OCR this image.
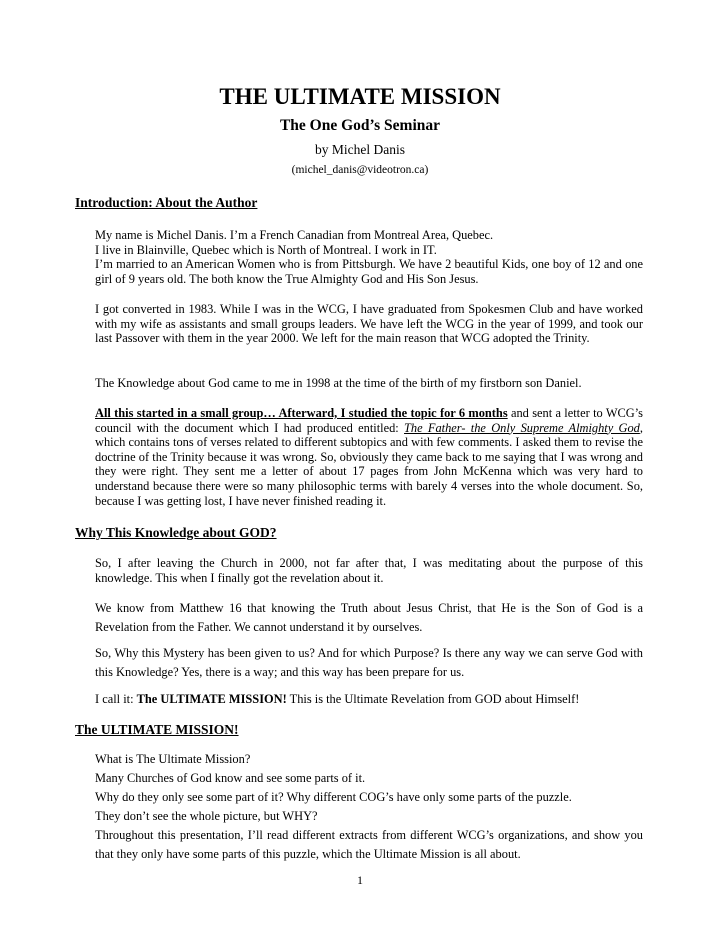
THE ULTIMATE MISSION
The One God’s Seminar
by Michel Danis
(michel_danis@videotron.ca)
Introduction: About the Author

My name is Michel Danis. I’m a French Canadian from Montreal Area, Quebec.
I live in Blainville, Quebec which is North of Montreal. I work in IT.
I’m married to an American Women who is from Pittsburgh. We have 2 beautiful Kids, one boy of 12 and one girl of 9 years old. The both know the True Almighty God and His Son Jesus.

I got converted in 1983. While I was in the WCG, I have graduated from Spokesmen Club and have worked with my wife as assistants and small groups leaders. We have left the WCG in the year of 1999, and took our last Passover with them in the year 2000. We left for the main reason that WCG adopted the Trinity.

The Knowledge about God came to me in 1998 at the time of the birth of my firstborn son Daniel.

All this started in a small group… Afterward, I studied the topic for 6 months and sent a letter to WCG’s council with the document which I had produced entitled: The Father- the Only Supreme Almighty God, which contains tons of verses related to different subtopics and with few comments. I asked them to revise the doctrine of the Trinity because it was wrong. So, obviously they came back to me saying that I was wrong and they were right. They sent me a letter of about 17 pages from John McKenna which was very hard to understand because there were so many philosophic terms with barely 4 verses into the whole document. So, because I was getting lost, I have never finished reading it.

Why This Knowledge about GOD?

So, I after leaving the Church in 2000, not far after that, I was meditating about the purpose of this knowledge. This when I finally got the revelation about it.

We know from Matthew 16 that knowing the Truth about Jesus Christ, that He is the Son of God is a Revelation from the Father. We cannot understand it by ourselves.

So, Why this Mystery has been given to us? And for which Purpose? Is there any way we can serve God with this Knowledge? Yes, there is a way; and this way has been prepare for us.

I call it: The ULTIMATE MISSION! This is the Ultimate Revelation from GOD about Himself!

The ULTIMATE MISSION!

What is The Ultimate Mission?
Many Churches of God know and see some parts of it.
Why do they only see some part of it? Why different COG’s have only some parts of the puzzle.
They don’t see the whole picture, but WHY?
Throughout this presentation, I’ll read different extracts from different WCG’s organizations, and show you that they only have some parts of this puzzle, which the Ultimate Mission is all about.

1
